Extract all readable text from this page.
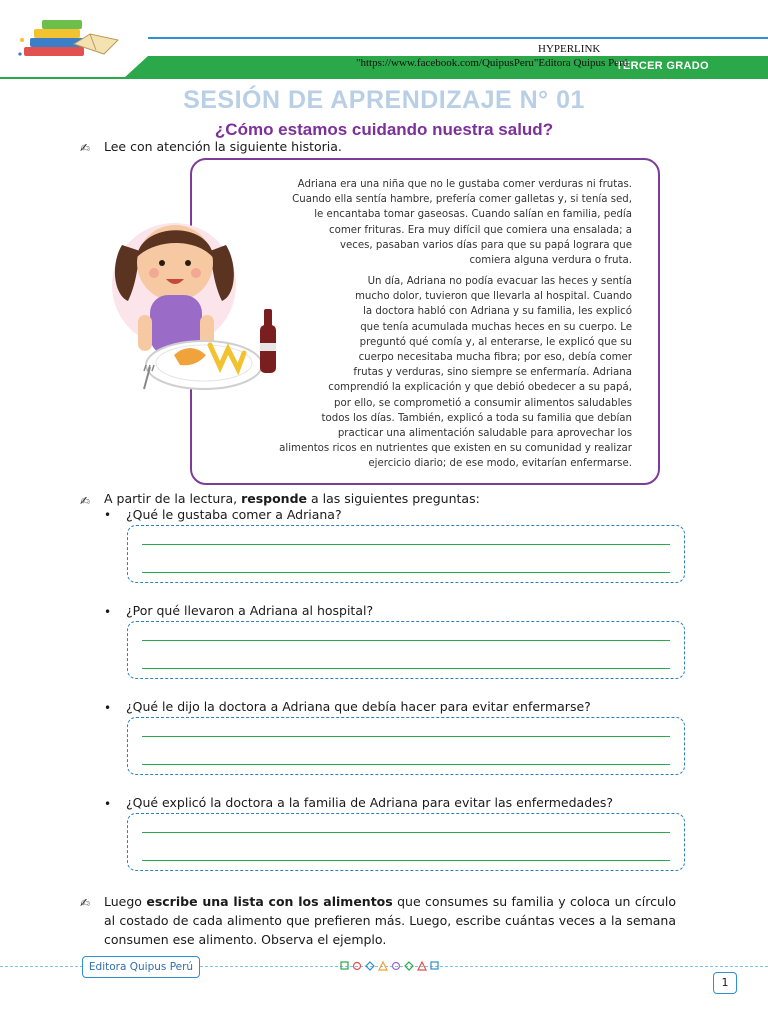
HYPERLINK
TERCER GRADO
"https://www.facebook.com/QuipusPeru"Editora Quipus Perú
SESIÓN DE APRENDIZAJE N° 01
¿Cómo estamos cuidando nuestra salud?
✍ Lee con atención la siguiente historia.
Adriana era una niña que no le gustaba comer verduras ni frutas.
Cuando ella sentía hambre, prefería comer galletas y, si tenía sed,
le encantaba tomar gaseosas. Cuando salían en familia, pedía
comer frituras. Era muy difícil que comiera una ensalada; a
veces, pasaban varios días para que su papá lograra que
comiera alguna verdura o fruta.
Un día, Adriana no podía evacuar las heces y sentía
mucho dolor, tuvieron que llevarla al hospital. Cuando
la doctora habló con Adriana y su familia, les explicó
que tenía acumulada muchas heces en su cuerpo. Le
preguntó qué comía y, al enterarse, le explicó que su
cuerpo necesitaba mucha fibra; por eso, debía comer
frutas y verduras, sino siempre se enfermaría. Adriana
comprendió la explicación y que debió obedecer a su papá,
por ello, se comprometió a consumir alimentos saludables
todos los días. También, explicó a toda su familia que debían
practicar una alimentación saludable para aprovechar los
alimentos ricos en nutrientes que existen en su comunidad y realizar
ejercicio diario; de ese modo, evitarían enfermarse.
✍ A partir de la lectura, responde a las siguientes preguntas:
• ¿Qué le gustaba comer a Adriana?
• ¿Por qué llevaron a Adriana al hospital?
• ¿Qué le dijo la doctora a Adriana que debía hacer para evitar enfermarse?
• ¿Qué explicó la doctora a la familia de Adriana para evitar las enfermedades?
✍ Luego escribe una lista con los alimentos que consumes su familia y coloca un círculo al costado de cada alimento que prefieren más. Luego, escribe cuántas veces a la semana consumen ese alimento. Observa el ejemplo.
Editora Quipus Perú
1
